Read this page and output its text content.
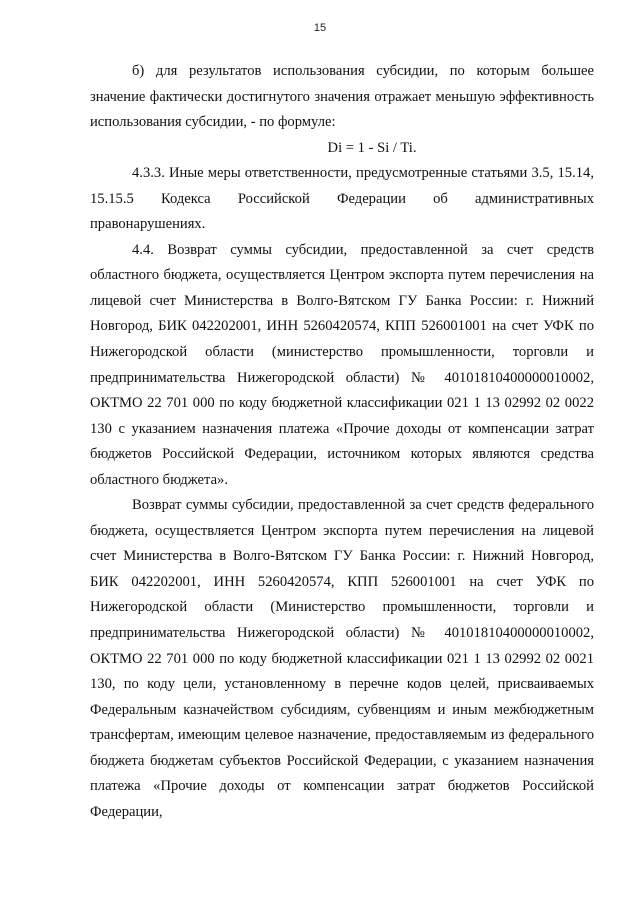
15

б) для результатов использования субсидии, по которым большее значение фактически достигнутого значения отражает меньшую эффективность использования субсидии, - по формуле:

Di = 1 - Si / Ti.

4.3.3. Иные меры ответственности, предусмотренные статьями 3.5, 15.14, 15.15.5 Кодекса Российской Федерации об административных правонарушениях.

4.4. Возврат суммы субсидии, предоставленной за счет средств областного бюджета, осуществляется Центром экспорта путем перечисления на лицевой счет Министерства в Волго-Вятском ГУ Банка России: г. Нижний Новгород, БИК 042202001, ИНН 5260420574, КПП 526001001 на счет УФК по Нижегородской области (министерство промышленности, торговли и предпринимательства Нижегородской области) № 40101810400000010002, ОКТМО 22 701 000 по коду бюджетной классификации 021 1 13 02992 02 0022 130 с указанием назначения платежа «Прочие доходы от компенсации затрат бюджетов Российской Федерации, источником которых являются средства областного бюджета».

Возврат суммы субсидии, предоставленной за счет средств федерального бюджета, осуществляется Центром экспорта путем перечисления на лицевой счет Министерства в Волго-Вятском ГУ Банка России: г. Нижний Новгород, БИК 042202001, ИНН 5260420574, КПП 526001001 на счет УФК по Нижегородской области (Министерство промышленности, торговли и предпринимательства Нижегородской области) № 40101810400000010002, ОКТМО 22 701 000 по коду бюджетной классификации 021 1 13 02992 02 0021 130, по коду цели, установленному в перечне кодов целей, присваиваемых Федеральным казначейством субсидиям, субвенциям и иным межбюджетным трансфертам, имеющим целевое назначение, предоставляемым из федерального бюджета бюджетам субъектов Российской Федерации, с указанием назначения платежа «Прочие доходы от компенсации затрат бюджетов Российской Федерации,
